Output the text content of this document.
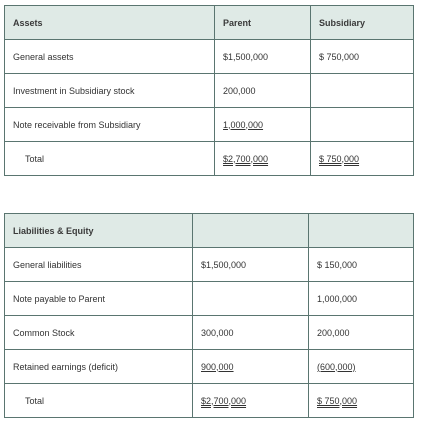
Assets	Parent	Subsidiary
General assets	$1,500,000	$ 750,000
Investment in Subsidiary stock	200,000	
Note receivable from Subsidiary	1,000,000	
Total	$2,700,000	$ 750,000
Liabilities & Equity		
General liabilities	$1,500,000	$ 150,000
Note payable to Parent		1,000,000
Common Stock	300,000	200,000
Retained earnings (deficit)	900,000	(600,000)
Total	$2,700,000	$ 750,000
